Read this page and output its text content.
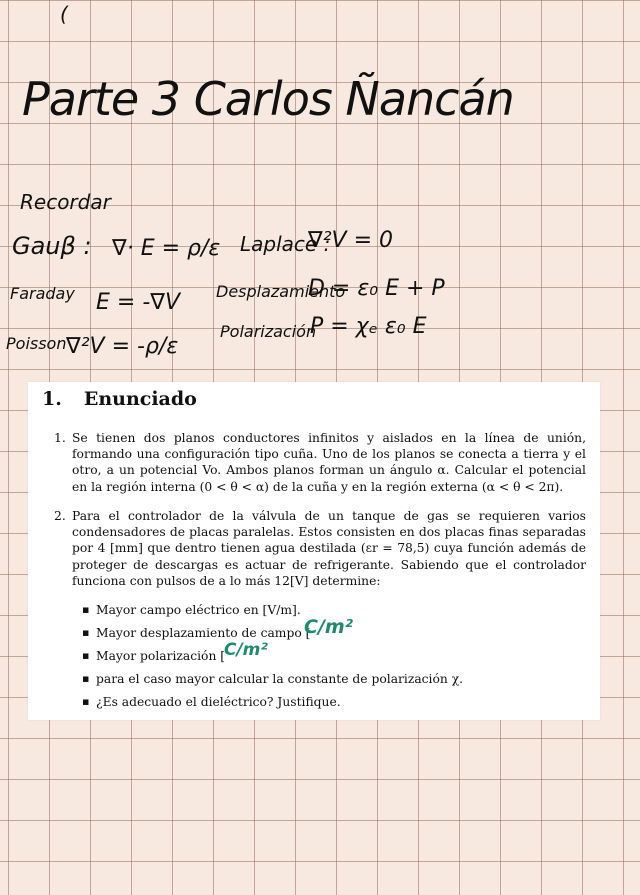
(
Parte 3 Carlos Ñancán
Recordar
Gauβ : ∇· E = ρ/ε Laplace :
∇²V = 0
Faraday E = -∇V Desplazamiento
D = ε₀ E + P
Poisson ∇²V = -ρ/ε
Polarización
P = χₑ ε₀ E
1. Enunciado
1. Se tienen dos planos conductores infinitos y aislados en la línea de unión, formando una configuración tipo cuña. Uno de los planos se conecta a tierra y el otro, a un potencial Vo. Ambos planos forman un ángulo α. Calcular el potencial en la región interna (0 < θ < α) de la cuña y en la región externa (α < θ < 2π).
2. Para el controlador de la válvula de un tanque de gas se requieren varios condensadores de placas paralelas. Estos consisten en dos placas finas separadas por 4 [mm] que dentro tienen agua destilada (εr = 78,5) cuya función además de proteger de descargas es actuar de refrigerante. Sabiendo que el controlador funciona con pulsos de a lo más 12[V] determine:
▪ Mayor campo eléctrico en [V/m].
▪ Mayor desplazamiento de campo [
▪ Mayor polarización [
▪ para el caso mayor calcular la constante de polarización χ.
▪ ¿Es adecuado el dieléctrico? Justifique.
C/m²
C/m²
